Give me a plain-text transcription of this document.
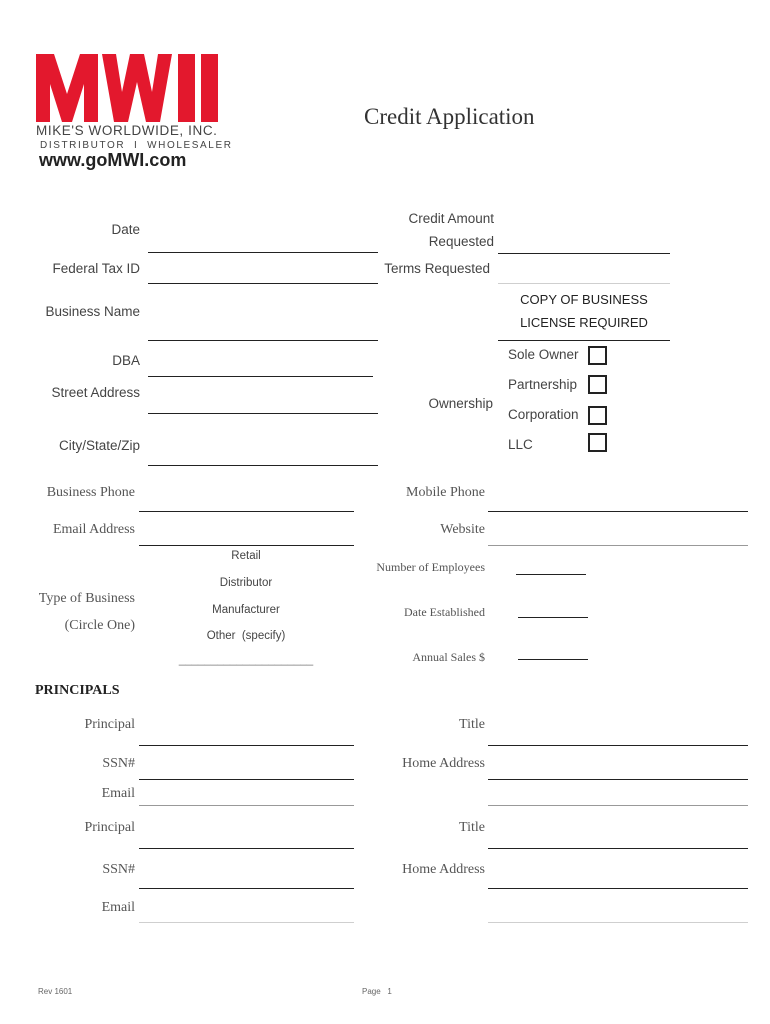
MIKE'S WORLDWIDE, INC.
DISTRIBUTOR  I  WHOLESALER
www.goMWI.com
Credit Application
Date
Federal Tax ID
Business Name
DBA
Street Address
City/State/Zip
Credit Amount
Requested
Terms Requested
COPY OF BUSINESS
LICENSE REQUIRED
Ownership
Sole Owner
Partnership
Corporation
LLC
Business Phone	Mobile Phone
Email Address	Website
Type of Business
(Circle One)
Retail
Distributor
Manufacturer
Other  (specify)
_____________________
Number of Employees
Date Established
Annual Sales $
PRINCIPALS
Principal	Title
SSN#	Home Address
Email
Principal	Title
SSN#	Home Address
Email
Rev 1601	Page   1
